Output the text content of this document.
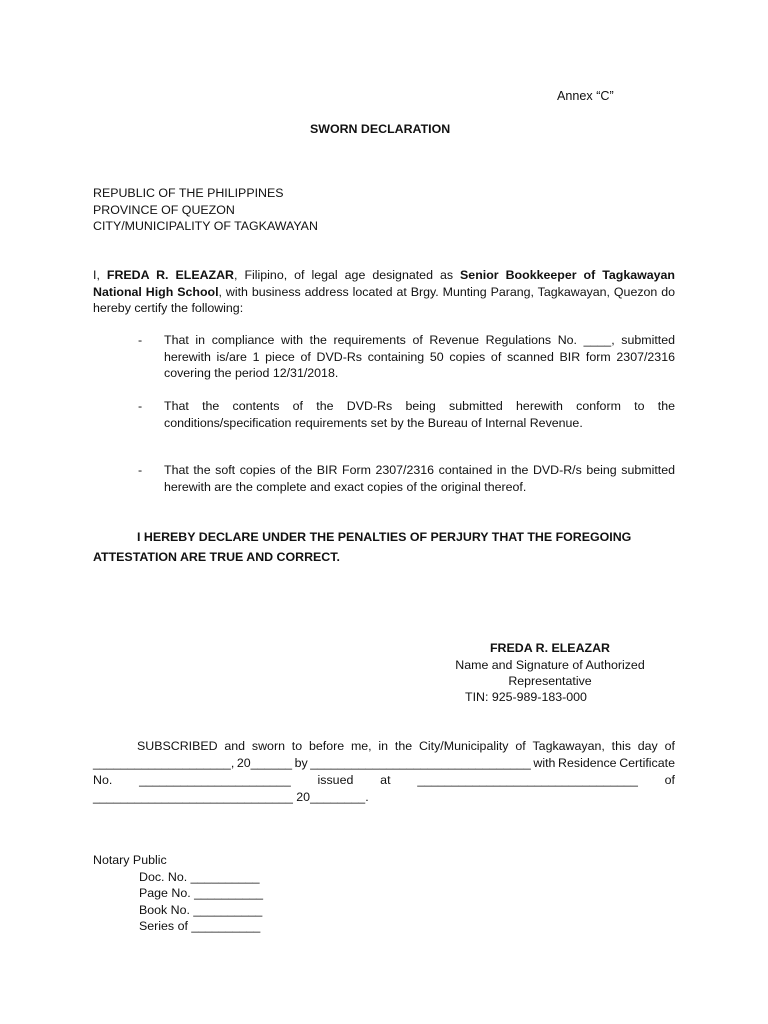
Annex “C”
SWORN DECLARATION
REPUBLIC OF THE PHILIPPINES
PROVINCE OF QUEZON
CITY/MUNICIPALITY OF TAGKAWAYAN
I, FREDA R. ELEAZAR, Filipino, of legal age designated as Senior Bookkeeper of Tagkawayan National High School, with business address located at Brgy. Munting Parang, Tagkawayan, Quezon do hereby certify the following:
- That in compliance with the requirements of Revenue Regulations No. ____, submitted herewith is/are 1 piece of DVD-Rs containing 50 copies of scanned BIR form 2307/2316 covering the period 12/31/2018.
- That the contents of the DVD-Rs being submitted herewith conform to the conditions/specification requirements set by the Bureau of Internal Revenue.
- That the soft copies of the BIR Form 2307/2316 contained in the DVD-R/s being submitted herewith are the complete and exact copies of the original thereof.
I HEREBY DECLARE UNDER THE PENALTIES OF PERJURY THAT THE FOREGOING
ATTESTATION ARE TRUE AND CORRECT.
FREDA R. ELEAZAR
Name and Signature of Authorized
Representative
TIN: 925-989-183-000
SUBSCRIBED and sworn to before me, in the City/Municipality of Tagkawayan, this day of
____________________, 20______ by ________________________________ with Residence Certificate
No. ______________________ issued at ________________________________ of
_____________________________ 20________.
Notary Public
Doc. No. __________
Page No. __________
Book No. __________
Series of __________
